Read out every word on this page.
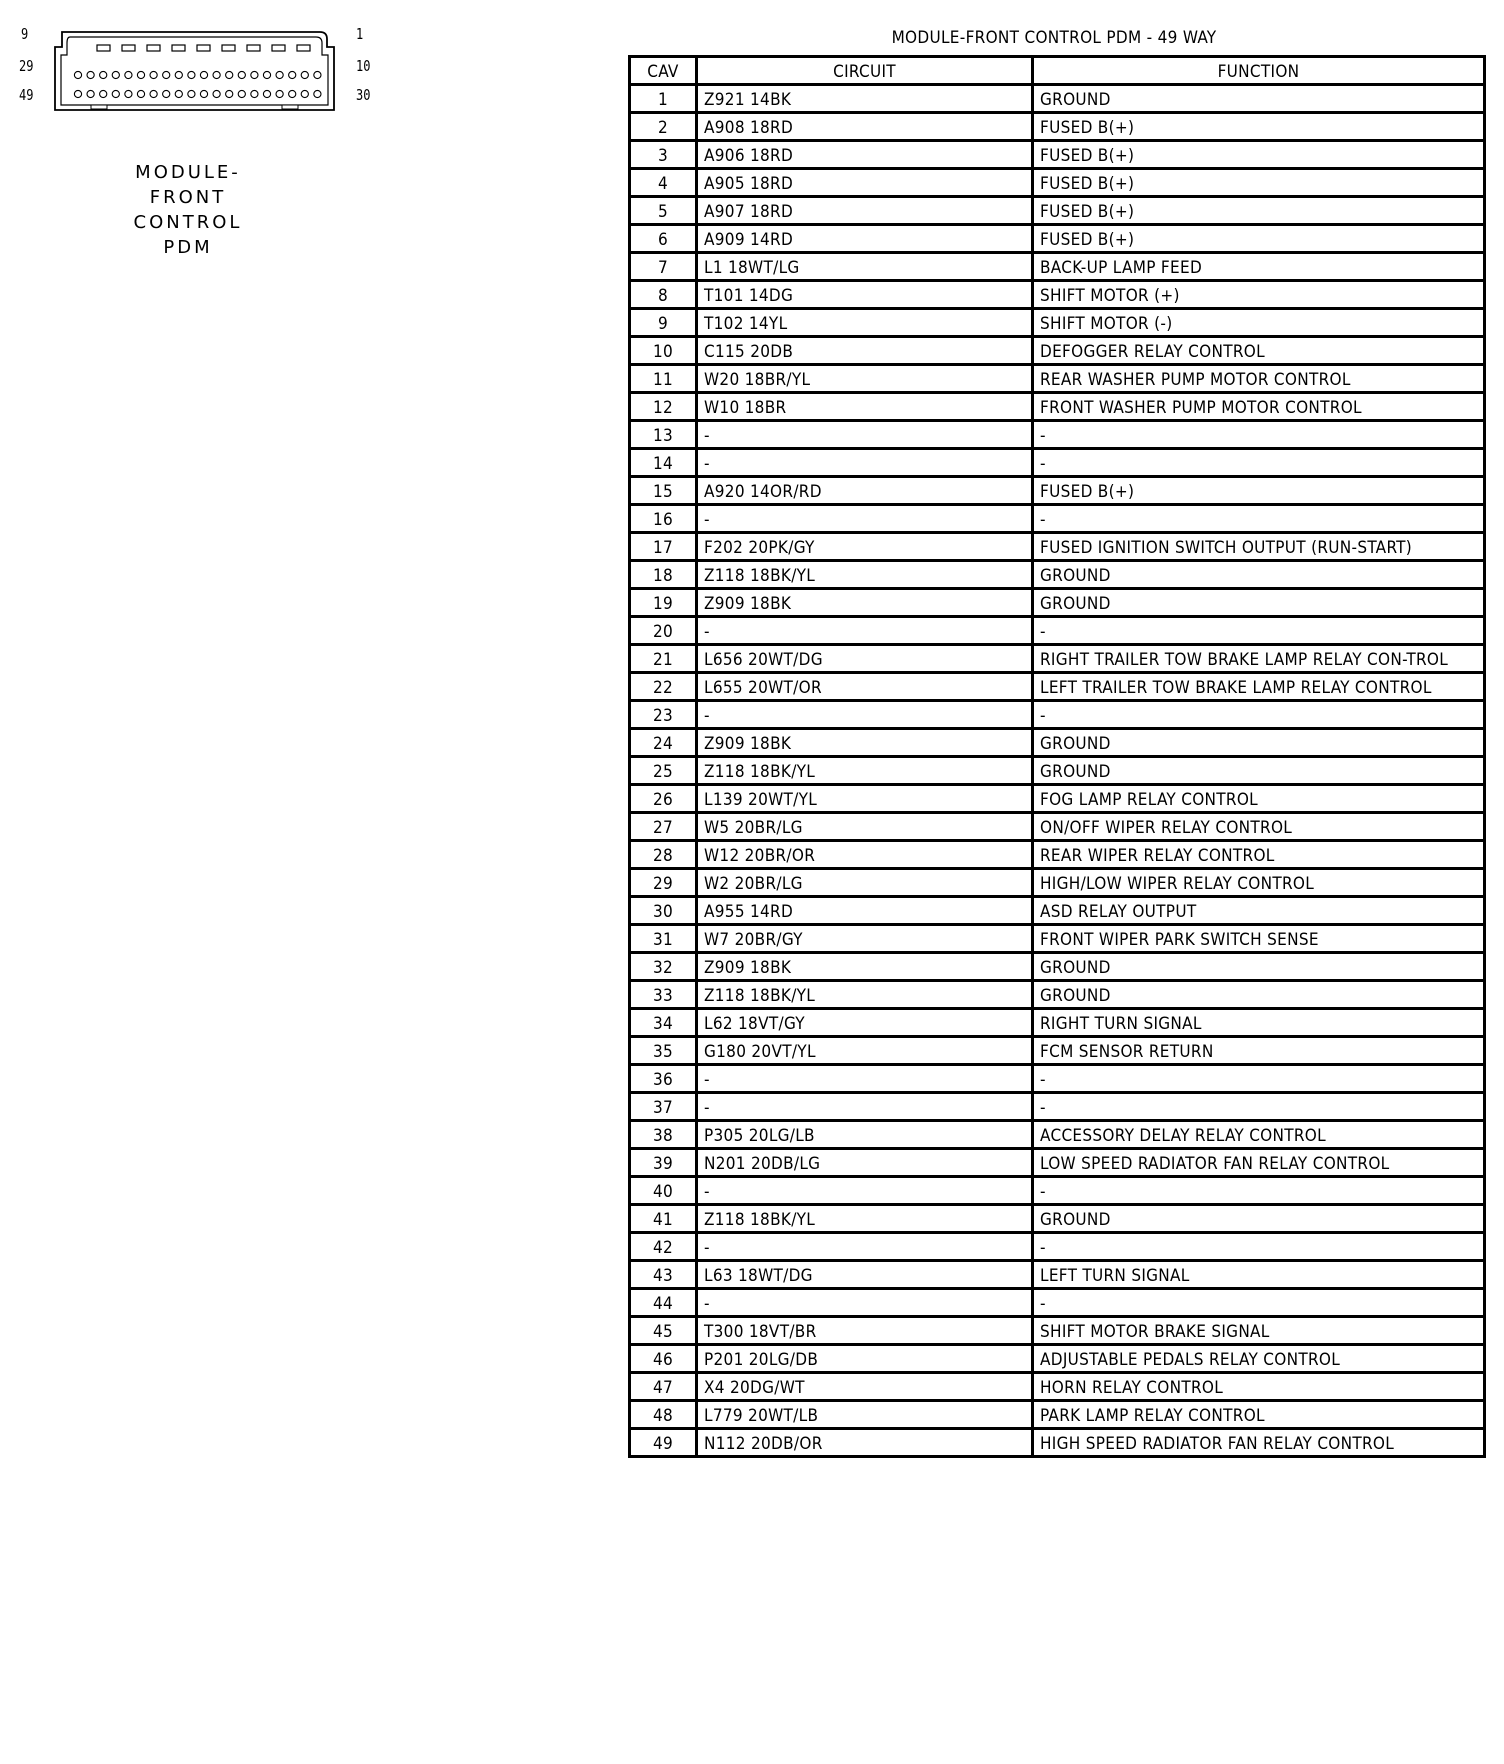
9
29
49
1
10
30
MODULE-
FRONT
CONTROL
PDM
MODULE-FRONT CONTROL PDM - 49 WAY
CAV	CIRCUIT	FUNCTION
1	Z921 14BK	GROUND
2	A908 18RD	FUSED B(+)
3	A906 18RD	FUSED B(+)
4	A905 18RD	FUSED B(+)
5	A907 18RD	FUSED B(+)
6	A909 14RD	FUSED B(+)
7	L1 18WT/LG	BACK-UP LAMP FEED
8	T101 14DG	SHIFT MOTOR (+)
9	T102 14YL	SHIFT MOTOR (-)
10	C115 20DB	DEFOGGER RELAY CONTROL
11	W20 18BR/YL	REAR WASHER PUMP MOTOR CONTROL
12	W10 18BR	FRONT WASHER PUMP MOTOR CONTROL
13	-	-
14	-	-
15	A920 14OR/RD	FUSED B(+)
16	-	-
17	F202 20PK/GY	FUSED IGNITION SWITCH OUTPUT (RUN-START)
18	Z118 18BK/YL	GROUND
19	Z909 18BK	GROUND
20	-	-
21	L656 20WT/DG	RIGHT TRAILER TOW BRAKE LAMP RELAY CON-TROL
22	L655 20WT/OR	LEFT TRAILER TOW BRAKE LAMP RELAY CONTROL
23	-	-
24	Z909 18BK	GROUND
25	Z118 18BK/YL	GROUND
26	L139 20WT/YL	FOG LAMP RELAY CONTROL
27	W5 20BR/LG	ON/OFF WIPER RELAY CONTROL
28	W12 20BR/OR	REAR WIPER RELAY CONTROL
29	W2 20BR/LG	HIGH/LOW WIPER RELAY CONTROL
30	A955 14RD	ASD RELAY OUTPUT
31	W7 20BR/GY	FRONT WIPER PARK SWITCH SENSE
32	Z909 18BK	GROUND
33	Z118 18BK/YL	GROUND
34	L62 18VT/GY	RIGHT TURN SIGNAL
35	G180 20VT/YL	FCM SENSOR RETURN
36	-	-
37	-	-
38	P305 20LG/LB	ACCESSORY DELAY RELAY CONTROL
39	N201 20DB/LG	LOW SPEED RADIATOR FAN RELAY CONTROL
40	-	-
41	Z118 18BK/YL	GROUND
42	-	-
43	L63 18WT/DG	LEFT TURN SIGNAL
44	-	-
45	T300 18VT/BR	SHIFT MOTOR BRAKE SIGNAL
46	P201 20LG/DB	ADJUSTABLE PEDALS RELAY CONTROL
47	X4 20DG/WT	HORN RELAY CONTROL
48	L779 20WT/LB	PARK LAMP RELAY CONTROL
49	N112 20DB/OR	HIGH SPEED RADIATOR FAN RELAY CONTROL
